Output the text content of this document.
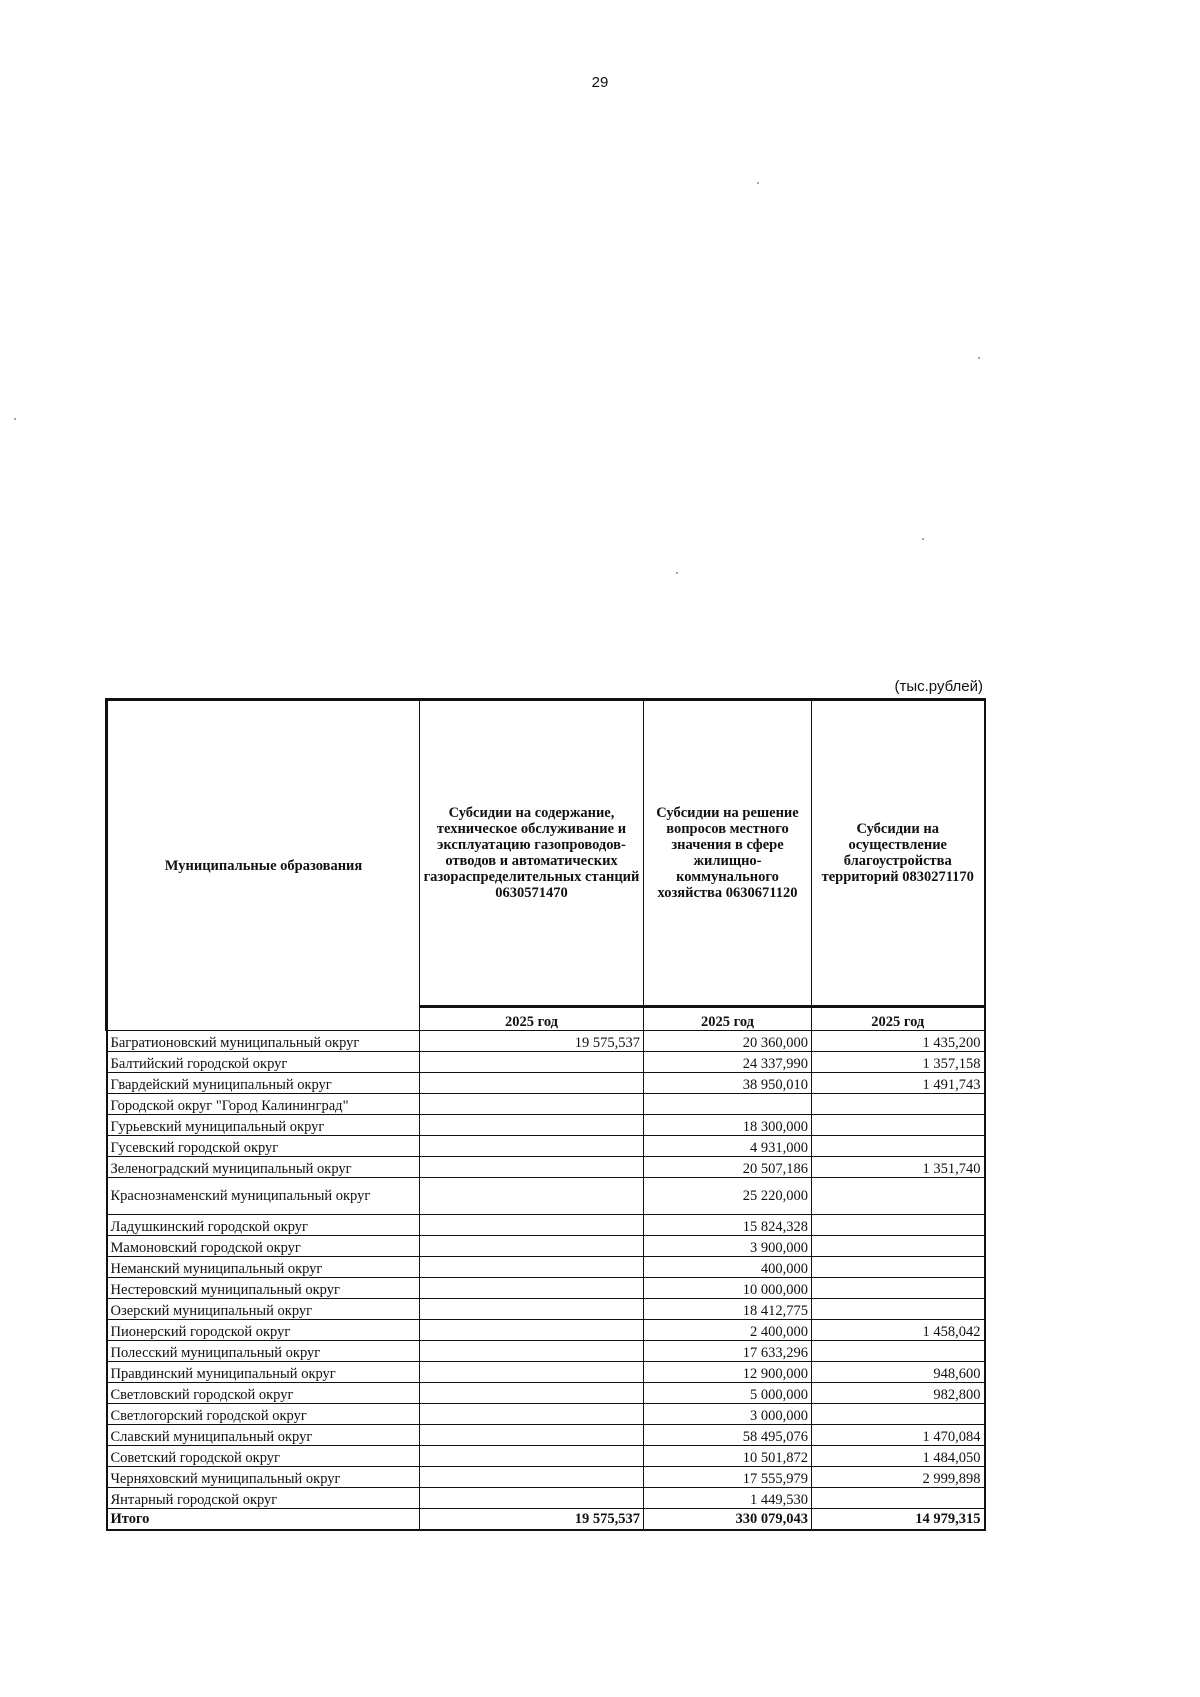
29
(тыс.рублей)
Муниципальные образования	Субсидии на содержание, техническое обслуживание и эксплуатацию газопроводов-отводов и автоматических газораспределительных станций 0630571470	Субсидии на решение вопросов местного значения в сфере жилищно-коммунального хозяйства 0630671120	Субсидии на осуществление благоустройства территорий 0830271170
	2025 год	2025 год	2025 год
Багратионовский муниципальный округ	19 575,537	20 360,000	1 435,200
Балтийский городской округ		24 337,990	1 357,158
Гвардейский муниципальный округ		38 950,010	1 491,743
Городской округ "Город Калининград"			
Гурьевский муниципальный округ		18 300,000	
Гусевский городской округ		4 931,000	
Зеленоградский муниципальный округ		20 507,186	1 351,740
Краснознаменский муниципальный округ		25 220,000	
Ладушкинский городской округ		15 824,328	
Мамоновский городской округ		3 900,000	
Неманский муниципальный округ		400,000	
Нестеровский муниципальный округ		10 000,000	
Озерский муниципальный округ		18 412,775	
Пионерский городской округ		2 400,000	1 458,042
Полесский муниципальный округ		17 633,296	
Правдинский муниципальный округ		12 900,000	948,600
Светловский городской округ		5 000,000	982,800
Светлогорский городской округ		3 000,000	
Славский муниципальный округ		58 495,076	1 470,084
Советский городской округ		10 501,872	1 484,050
Черняховский муниципальный округ		17 555,979	2 999,898
Янтарный городской округ		1 449,530	
Итого	19 575,537	330 079,043	14 979,315
